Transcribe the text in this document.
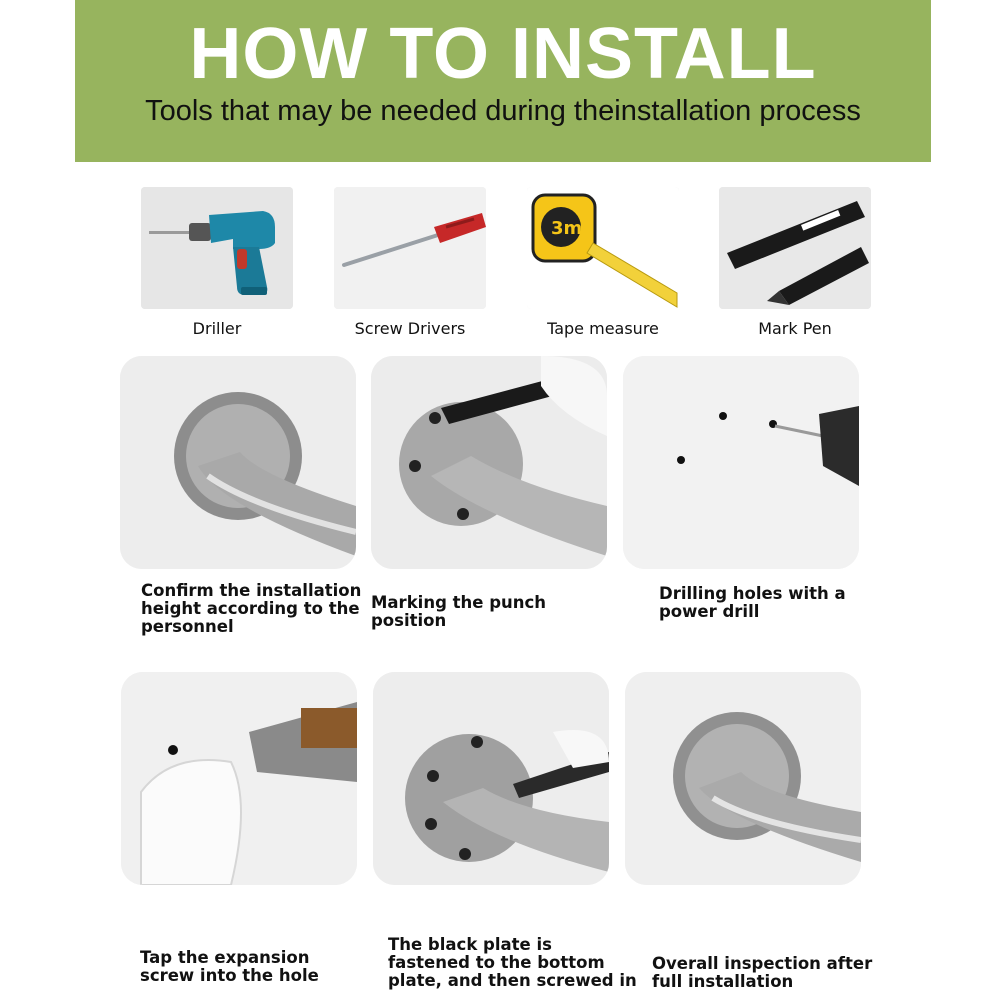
HOW TO INSTALL
Tools that may be needed during theinstallation process
Driller	Screw Drivers
3m
Tape measure	Mark Pen
Confirm the installation
height according to the
personnel
Marking the punch position
Drilling holes with a
power drill
Tap the expansion
screw into the hole
The black plate is
fastened to the bottom
plate, and then screwed in
Overall inspection after
full installation
